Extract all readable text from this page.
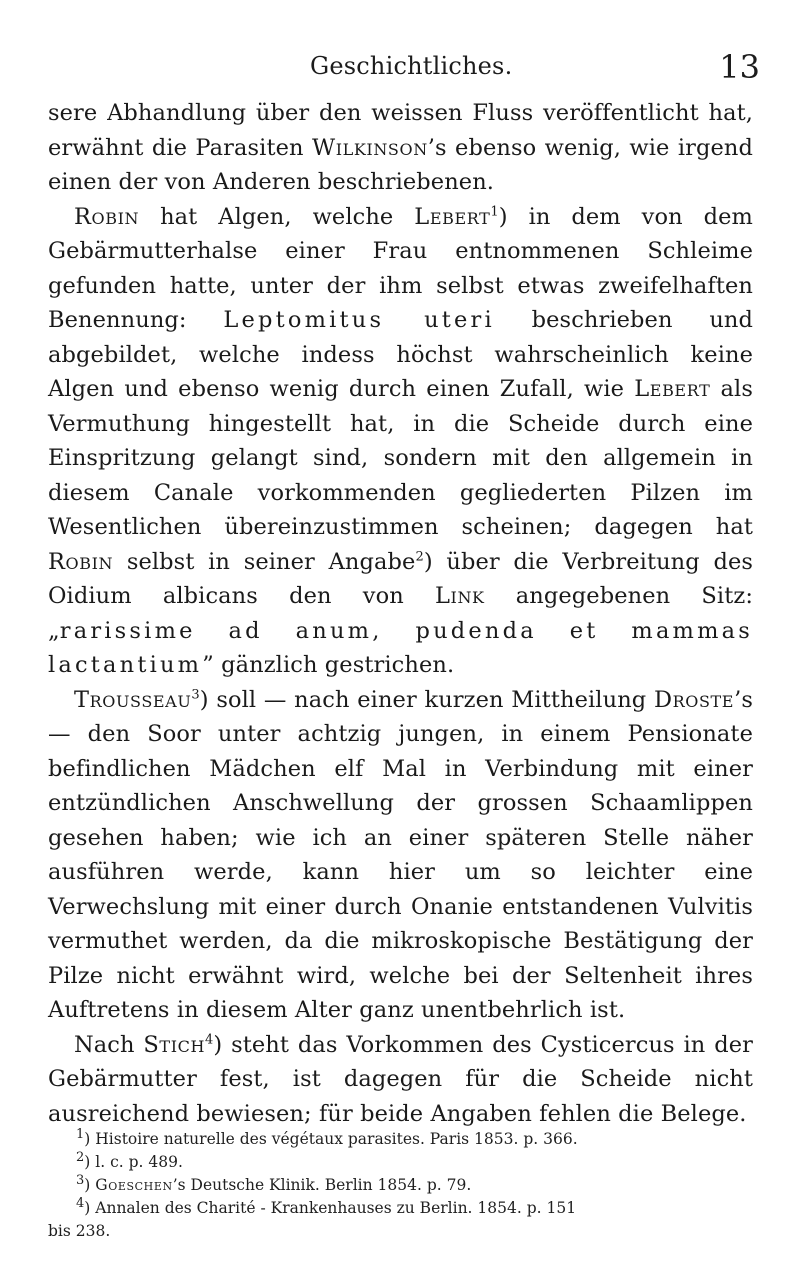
Geschichtliches.	13

sere Abhandlung über den weissen Fluss veröffentlicht hat, erwähnt die Parasiten Wilkinson’s ebenso wenig, wie irgend einen der von Anderen beschriebenen.

Robin hat Algen, welche Lebert$^1$) in dem von dem Gebärmutterhalse einer Frau entnommenen Schleime gefunden hatte, unter der ihm selbst etwas zweifelhaften Benennung: Leptomitus uteri beschrieben und abgebildet, welche indess höchst wahrscheinlich keine Algen und ebenso wenig durch einen Zufall, wie Lebert als Vermuthung hingestellt hat, in die Scheide durch eine Einspritzung gelangt sind, sondern mit den allgemein in diesem Canale vorkommenden gegliederten Pilzen im Wesentlichen übereinzustimmen scheinen; dagegen hat Robin selbst in seiner Angabe$^2$) über die Verbreitung des Oidium albicans den von Link angegebenen Sitz: „rarissime ad anum, pudenda et mammas lactantium” gänzlich gestrichen.

Trousseau$^3$) soll — nach einer kurzen Mittheilung Droste’s — den Soor unter achtzig jungen, in einem Pensionate befindlichen Mädchen elf Mal in Verbindung mit einer entzündlichen Anschwellung der grossen Schaamlippen gesehen haben; wie ich an einer späteren Stelle näher ausführen werde, kann hier um so leichter eine Verwechslung mit einer durch Onanie entstandenen Vulvitis vermuthet werden, da die mikroskopische Bestätigung der Pilze nicht erwähnt wird, welche bei der Seltenheit ihres Auftretens in diesem Alter ganz unentbehrlich ist.

Nach Stich$^4$) steht das Vorkommen des Cysticercus in der Gebärmutter fest, ist dagegen für die Scheide nicht ausreichend bewiesen; für beide Angaben fehlen die Belege.

$^1$) Histoire naturelle des végétaux parasites. Paris 1853. p. 366.
$^2$) l. c. p. 489.
$^3$) Goeschen’s Deutsche Klinik. Berlin 1854. p. 79.
$^4$) Annalen des Charité - Krankenhauses zu Berlin. 1854. p. 151
bis 238.
